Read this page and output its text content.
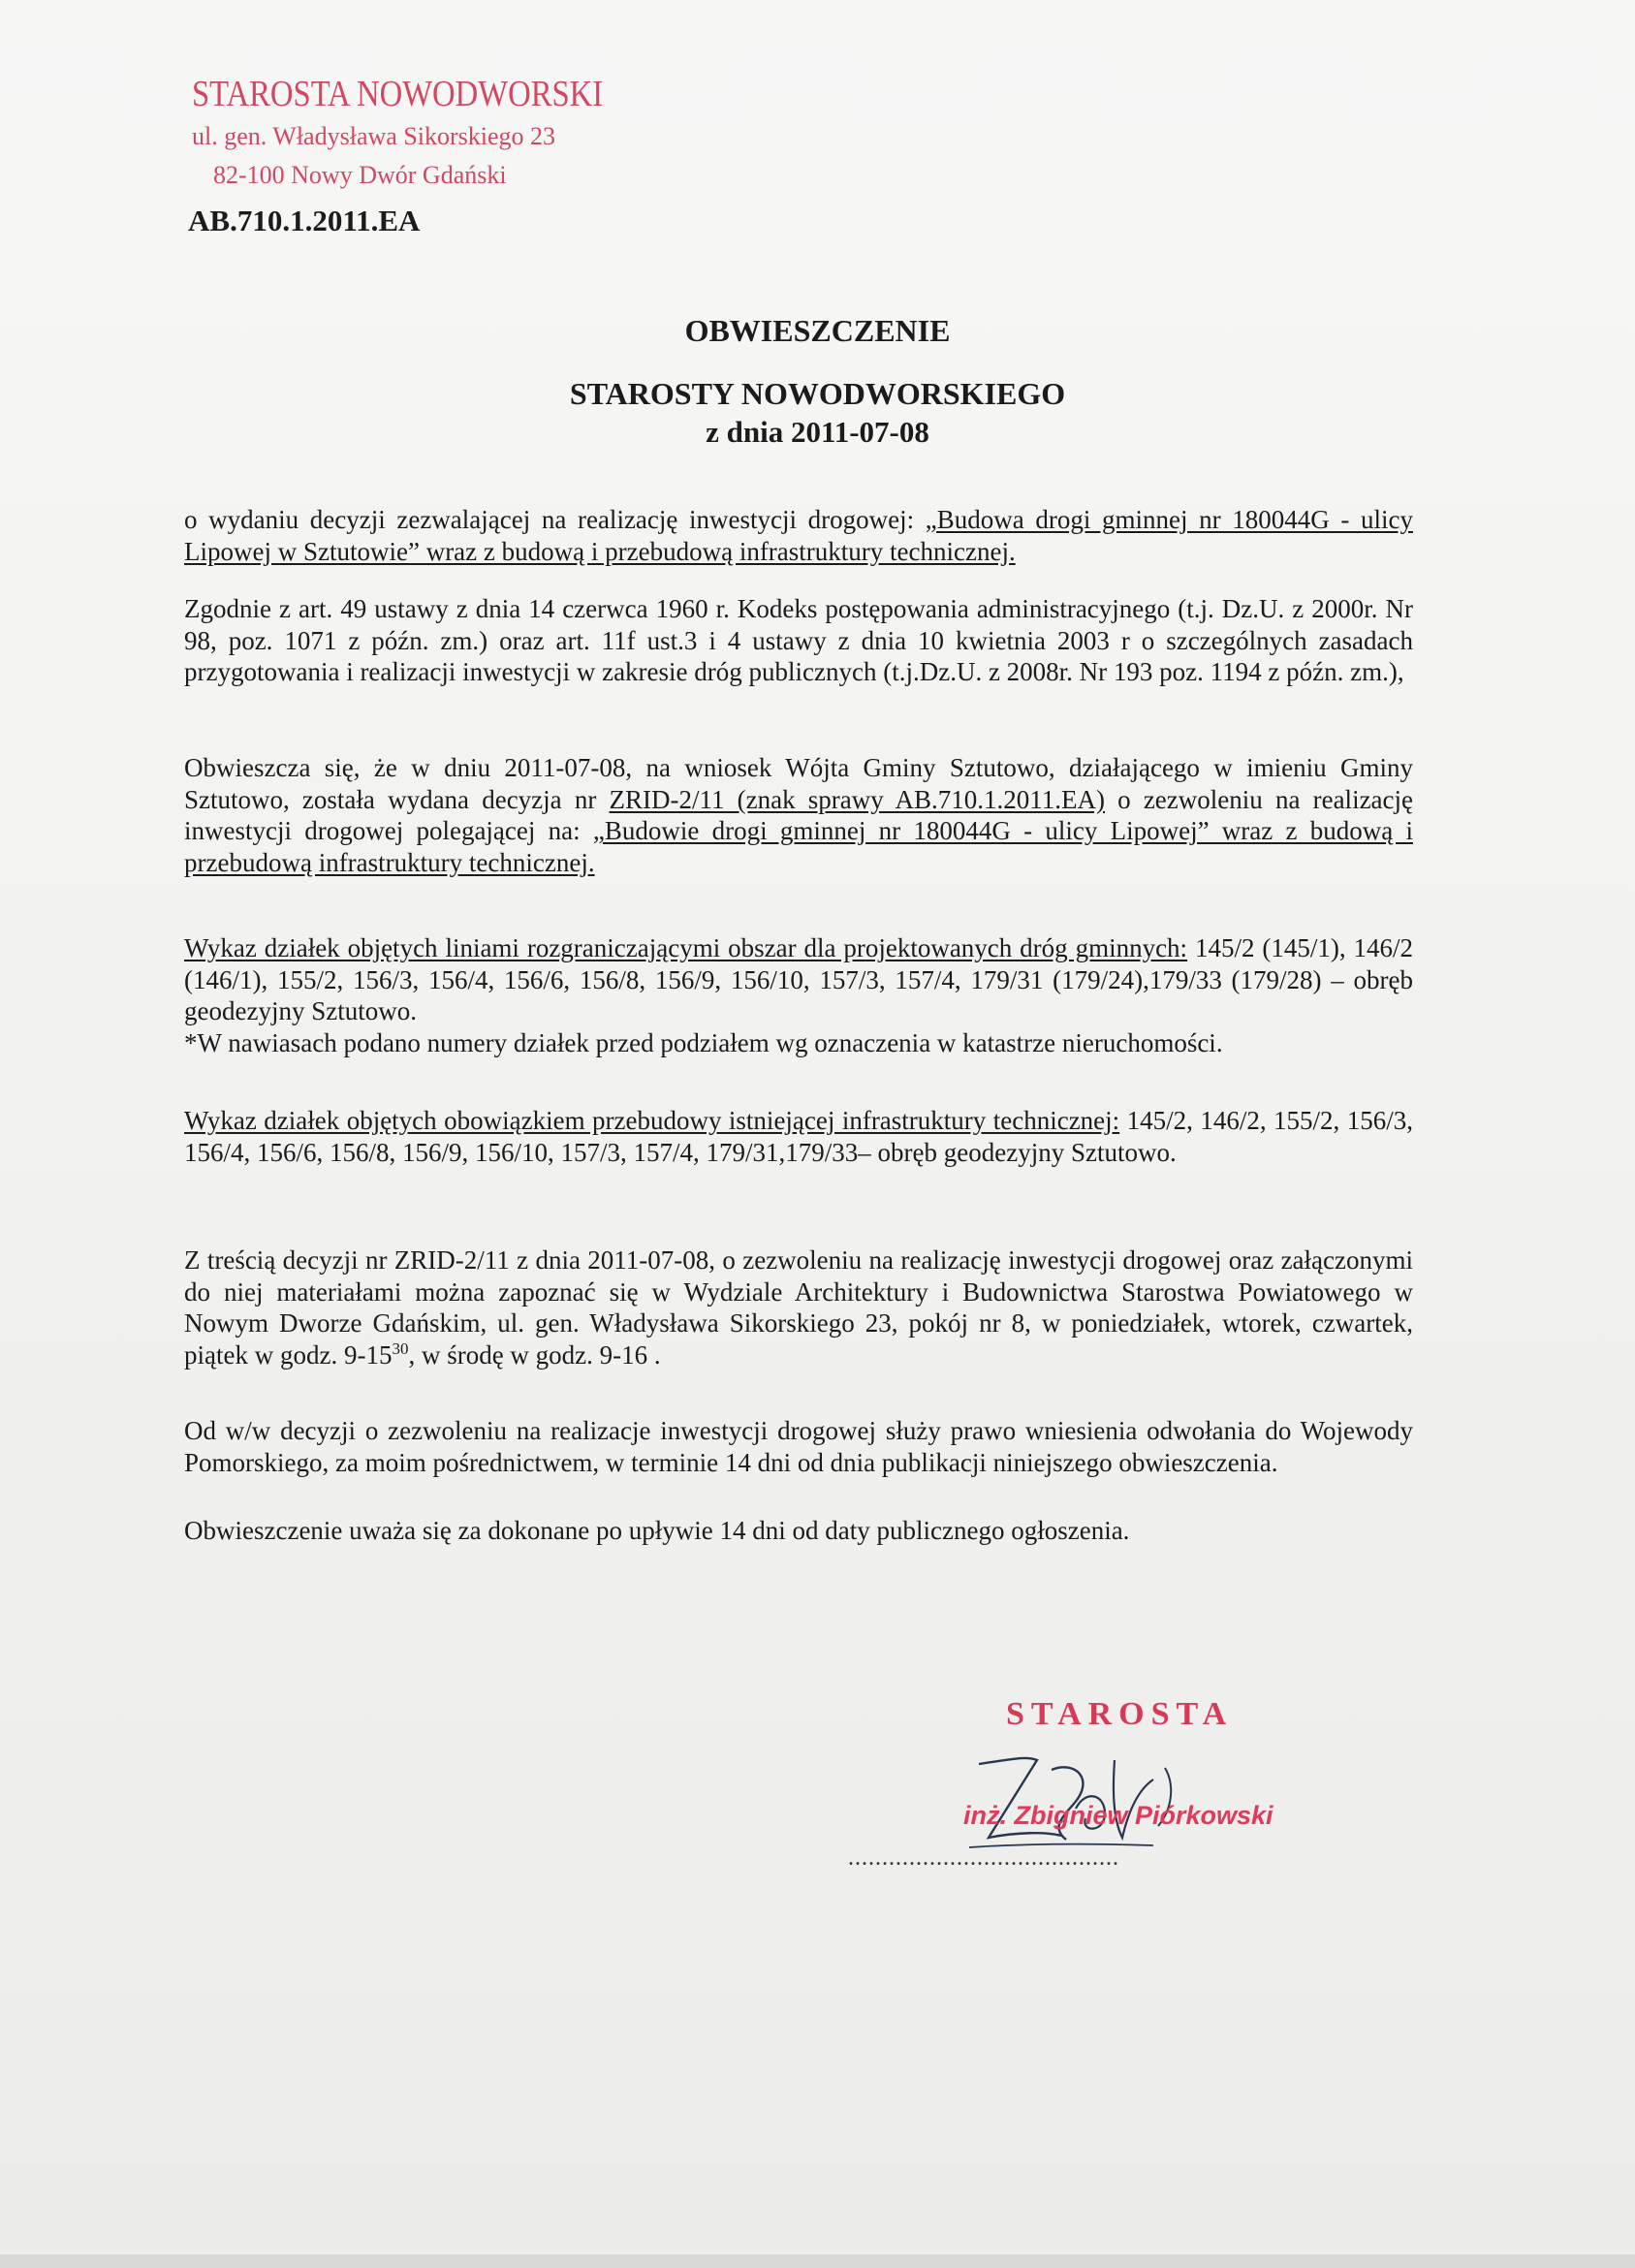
STAROSTA NOWODWORSKI
ul. gen. Władysława Sikorskiego 23
82-100 Nowy Dwór Gdański
AB.710.1.2011.EA
OBWIESZCZENIE
STAROSTY NOWODWORSKIEGO
z dnia 2011-07-08
o wydaniu decyzji zezwalającej na realizację inwestycji drogowej: „Budowa drogi gminnej nr 180044G - ulicy Lipowej w Sztutowie” wraz z budową i przebudową infrastruktury technicznej.
Zgodnie z art. 49 ustawy z dnia 14 czerwca 1960 r. Kodeks postępowania administracyjnego (t.j. Dz.U. z 2000r. Nr 98, poz. 1071 z późn. zm.) oraz art. 11f ust.3 i 4 ustawy z dnia 10 kwietnia 2003 r o szczególnych zasadach przygotowania i realizacji inwestycji w zakresie dróg publicznych (t.j.Dz.U. z 2008r. Nr 193 poz. 1194 z późn. zm.),
Obwieszcza się, że w dniu 2011-07-08, na wniosek Wójta Gminy Sztutowo, działającego w imieniu Gminy Sztutowo, została wydana decyzja nr ZRID-2/11 (znak sprawy AB.710.1.2011.EA) o zezwoleniu na realizację inwestycji drogowej polegającej na: „Budowie drogi gminnej nr 180044G - ulicy Lipowej” wraz z budową i przebudową infrastruktury technicznej.
Wykaz działek objętych liniami rozgraniczającymi obszar dla projektowanych dróg gminnych: 145/2 (145/1), 146/2 (146/1), 155/2, 156/3, 156/4, 156/6, 156/8, 156/9, 156/10, 157/3, 157/4, 179/31 (179/24),179/33 (179/28) – obręb geodezyjny Sztutowo.
*W nawiasach podano numery działek przed podziałem wg oznaczenia w katastrze nieruchomości.
Wykaz działek objętych obowiązkiem przebudowy istniejącej infrastruktury technicznej: 145/2, 146/2, 155/2, 156/3, 156/4, 156/6, 156/8, 156/9, 156/10, 157/3, 157/4, 179/31,179/33– obręb geodezyjny Sztutowo.
Z treścią decyzji nr ZRID-2/11 z dnia 2011-07-08, o zezwoleniu na realizację inwestycji drogowej oraz załączonymi do niej materiałami można zapoznać się w Wydziale Architektury i Budownictwa Starostwa Powiatowego w Nowym Dworze Gdańskim, ul. gen. Władysława Sikorskiego 23, pokój nr 8, w poniedziałek, wtorek, czwartek, piątek w godz. $9-15^{30}$, w środę w godz. 9-16 .
Od w/w decyzji o zezwoleniu na realizacje inwestycji drogowej służy prawo wniesienia odwołania do Wojewody Pomorskiego, za moim pośrednictwem, w terminie 14 dni od dnia publikacji niniejszego obwieszczenia.
Obwieszczenie uważa się za dokonane po upływie 14 dni od daty publicznego ogłoszenia.
STAROSTA
inż. Zbigniew Piórkowski
........................................
